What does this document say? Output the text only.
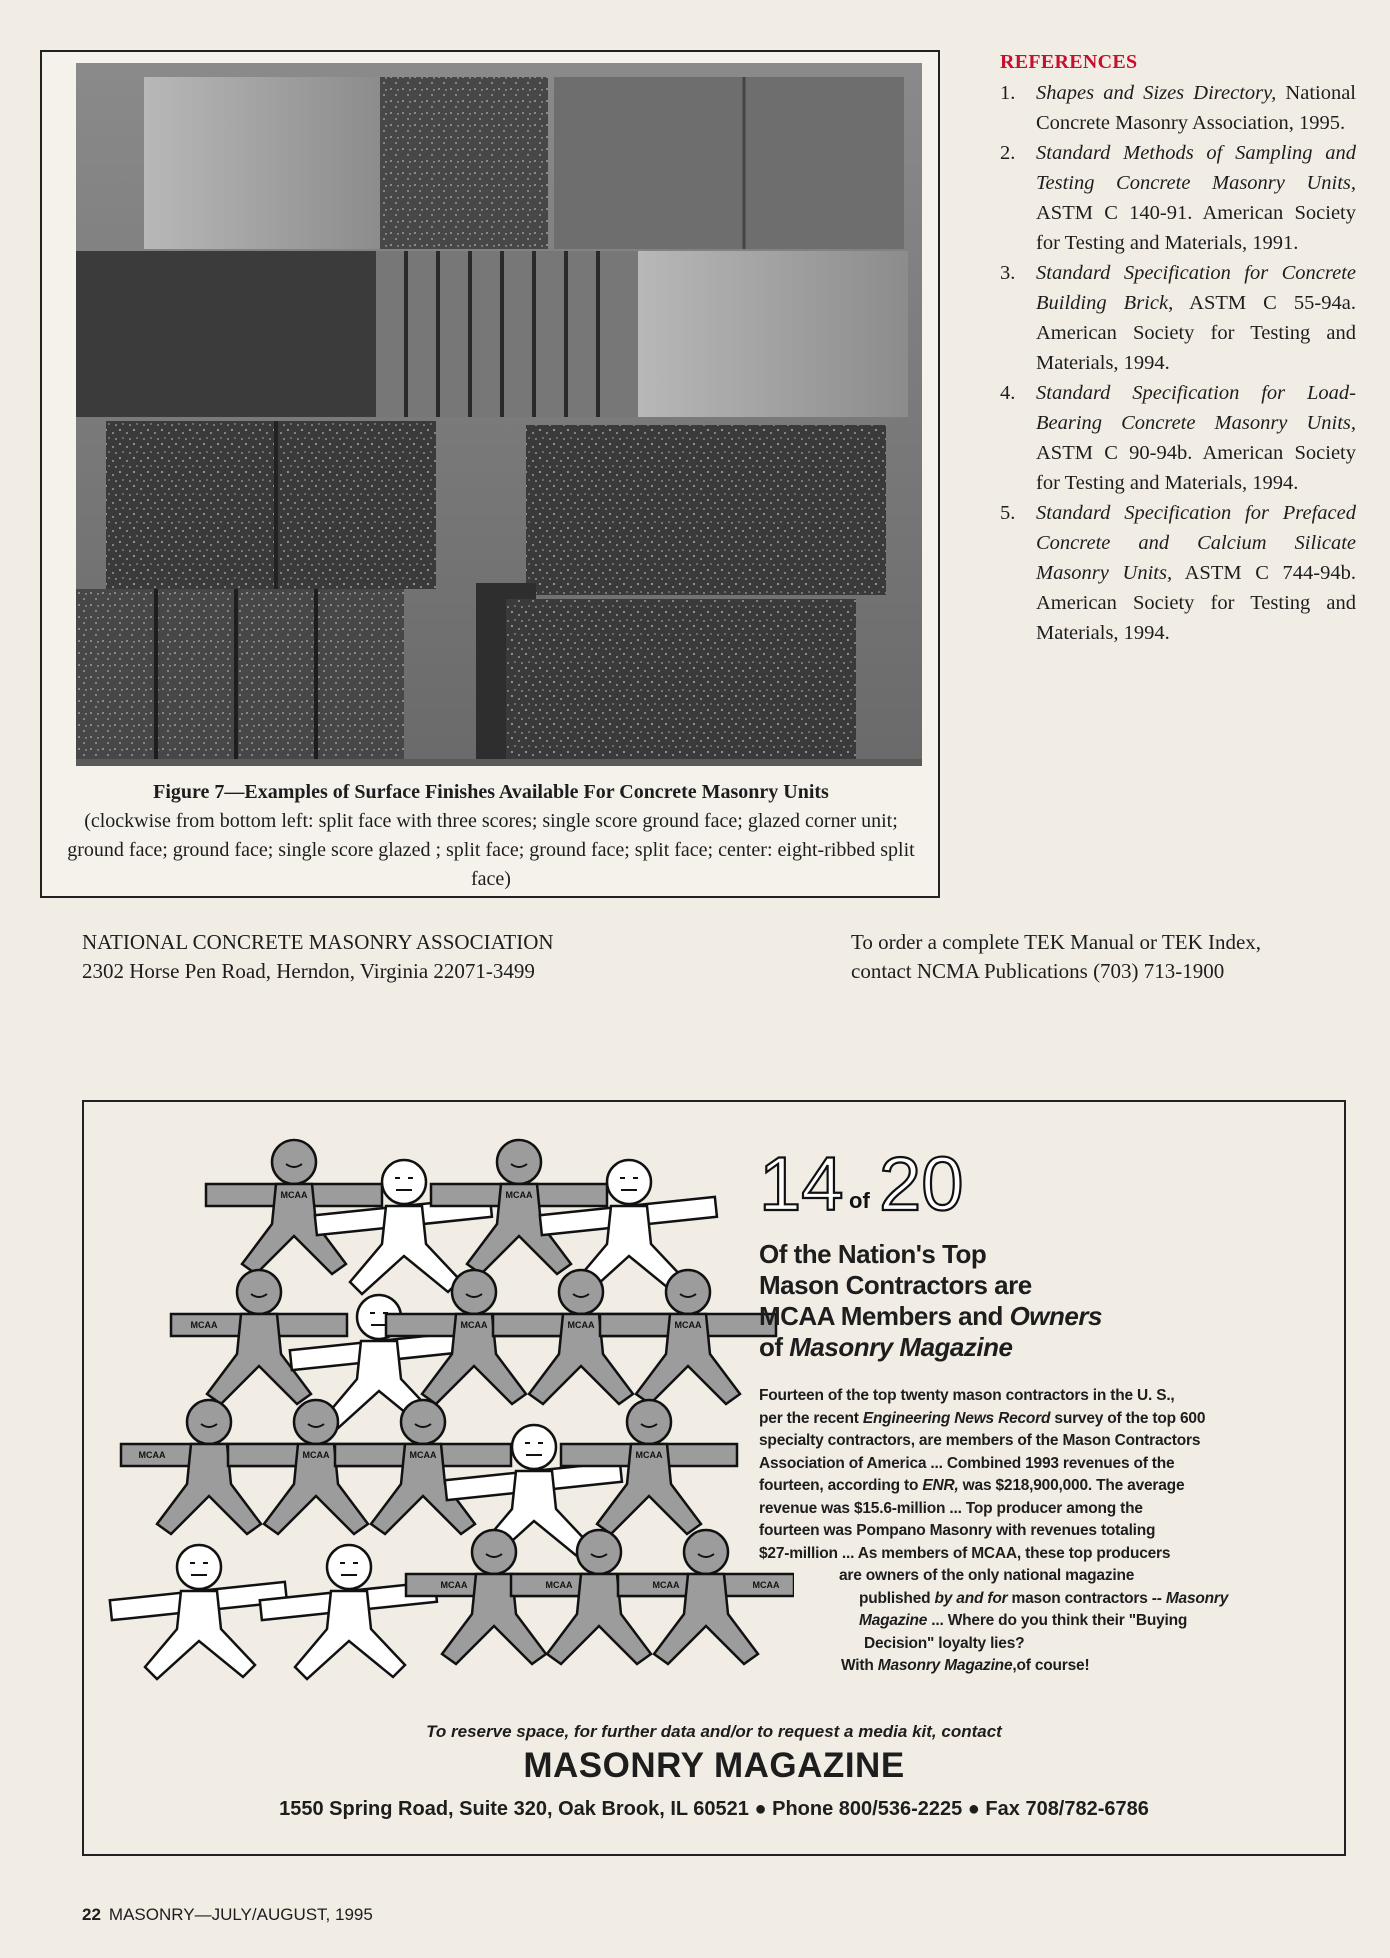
Figure 7—Examples of Surface Finishes Available For Concrete Masonry Units
(clockwise from bottom left: split face with three scores; single score ground face; glazed corner unit; ground face; ground face; single score glazed ; split face; ground face; split face; center: eight-ribbed split face)
REFERENCES
1. Shapes and Sizes Directory, National Concrete Masonry Association, 1995.
2. Standard Methods of Sampling and Testing Concrete Masonry Units, ASTM C 140-91. American Society for Testing and Materials, 1991.
3. Standard Specification for Concrete Building Brick, ASTM C 55-94a. American Society for Testing and Materials, 1994.
4. Standard Specification for Load-Bearing Concrete Masonry Units, ASTM C 90-94b. American Society for Testing and Materials, 1994.
5. Standard Specification for Prefaced Concrete and Calcium Silicate Masonry Units, ASTM C 744-94b. American Society for Testing and Materials, 1994.
NATIONAL CONCRETE MASONRY ASSOCIATION
2302 Horse Pen Road, Herndon, Virginia 22071-3499
To order a complete TEK Manual or TEK Index,
contact NCMA Publications (703) 713-1900
MCAA	MCAA
MCAA	MCAA	MCAA	MCAA
MCAA	MCAA	MCAA	MCAA
MCAA	MCAA	MCAA	MCAA
14 of 20
Of the Nation's Top
Mason Contractors are
MCAA Members and Owners
of Masonry Magazine
Fourteen of the top twenty mason contractors in the U. S.,
per the recent Engineering News Record survey of the top 600
specialty contractors, are members of the Mason Contractors
Association of America ... Combined 1993 revenues of the
fourteen, according to ENR, was $218,900,000. The average
revenue was $15.6-million ... Top producer among the
fourteen was Pompano Masonry with revenues totaling
$27-million ... As members of MCAA, these top producers
are owners of the only national magazine
published by and for mason contractors -- Masonry
Magazine ... Where do you think their "Buying
Decision" loyalty lies?
With Masonry Magazine,of course!
To reserve space, for further data and/or to request a media kit, contact
MASONRY MAGAZINE
1550 Spring Road, Suite 320, Oak Brook, IL 60521 ● Phone 800/536-2225 ● Fax 708/782-6786
22 MASONRY—JULY/AUGUST, 1995
